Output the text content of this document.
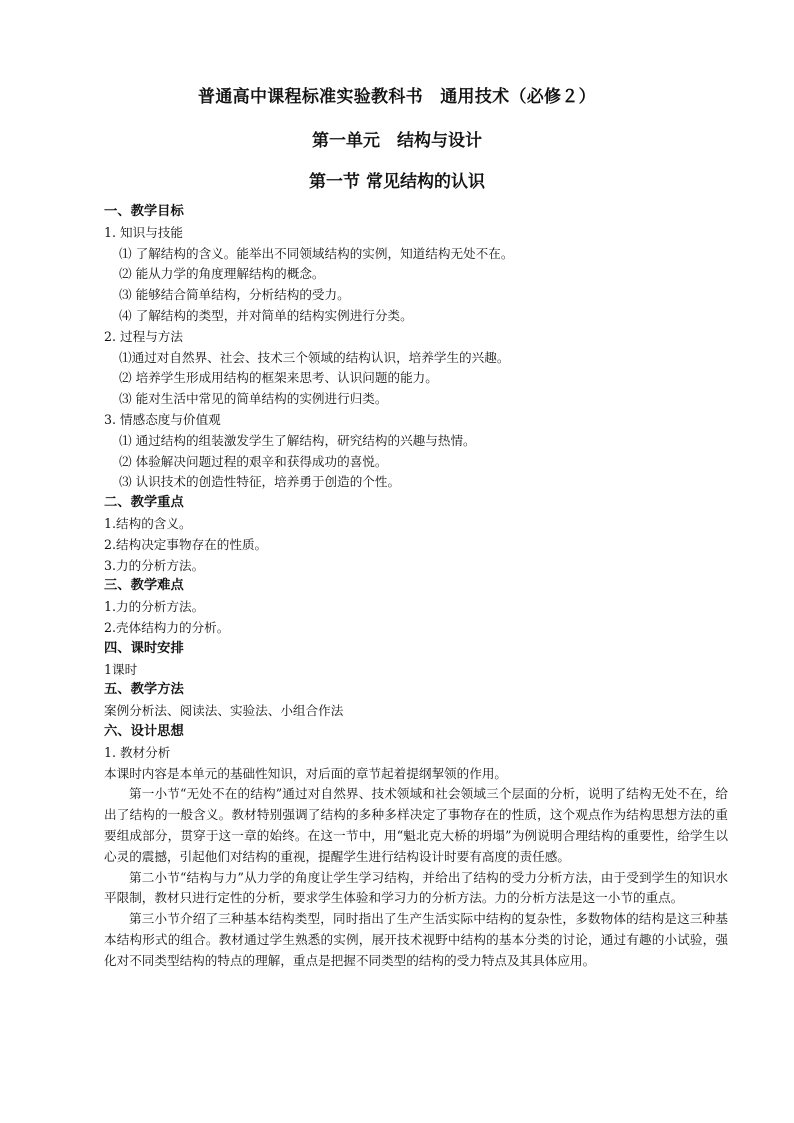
普通高中课程标准实验教科书　通用技术（必修２）
第一单元　结构与设计
第一节 常见结构的认识
一、教学目标
1. 知识与技能
⑴ 了解结构的含义。能举出不同领域结构的实例，知道结构无处不在。
⑵ 能从力学的角度理解结构的概念。
⑶ 能够结合简单结构，分析结构的受力。
⑷ 了解结构的类型，并对简单的结构实例进行分类。
2. 过程与方法
⑴通过对自然界、社会、技术三个领域的结构认识，培养学生的兴趣。
⑵ 培养学生形成用结构的框架来思考、认识问题的能力。
⑶ 能对生活中常见的简单结构的实例进行归类。
3. 情感态度与价值观
⑴ 通过结构的组装激发学生了解结构，研究结构的兴趣与热情。
⑵ 体验解决问题过程的艰辛和获得成功的喜悦。
⑶ 认识技术的创造性特征，培养勇于创造的个性。
二、教学重点
1.结构的含义。
2.结构决定事物存在的性质。
3.力的分析方法。
三、教学难点
1.力的分析方法。
2.壳体结构力的分析。
四、课时安排
1课时
五、教学方法
案例分析法、阅读法、实验法、小组合作法
六、设计思想
1. 教材分析
本课时内容是本单元的基础性知识，对后面的章节起着提纲挈领的作用。
第一小节“无处不在的结构”通过对自然界、技术领域和社会领域三个层面的分析，说明了结构无处不在，给出了结构的一般含义。教材特别强调了结构的多种多样决定了事物存在的性质，这个观点作为结构思想方法的重要组成部分，贯穿于这一章的始终。在这一节中，用“魁北克大桥的坍塌”为例说明合理结构的重要性，给学生以心灵的震撼，引起他们对结构的重视，提醒学生进行结构设计时要有高度的责任感。
第二小节“结构与力”从力学的角度让学生学习结构，并给出了结构的受力分析方法，由于受到学生的知识水平限制，教材只进行定性的分析，要求学生体验和学习力的分析方法。力的分析方法是这一小节的重点。
第三小节介绍了三种基本结构类型，同时指出了生产生活实际中结构的复杂性，多数物体的结构是这三种基本结构形式的组合。教材通过学生熟悉的实例，展开技术视野中结构的基本分类的讨论，通过有趣的小试验，强化对不同类型结构的特点的理解，重点是把握不同类型的结构的受力特点及其具体应用。
